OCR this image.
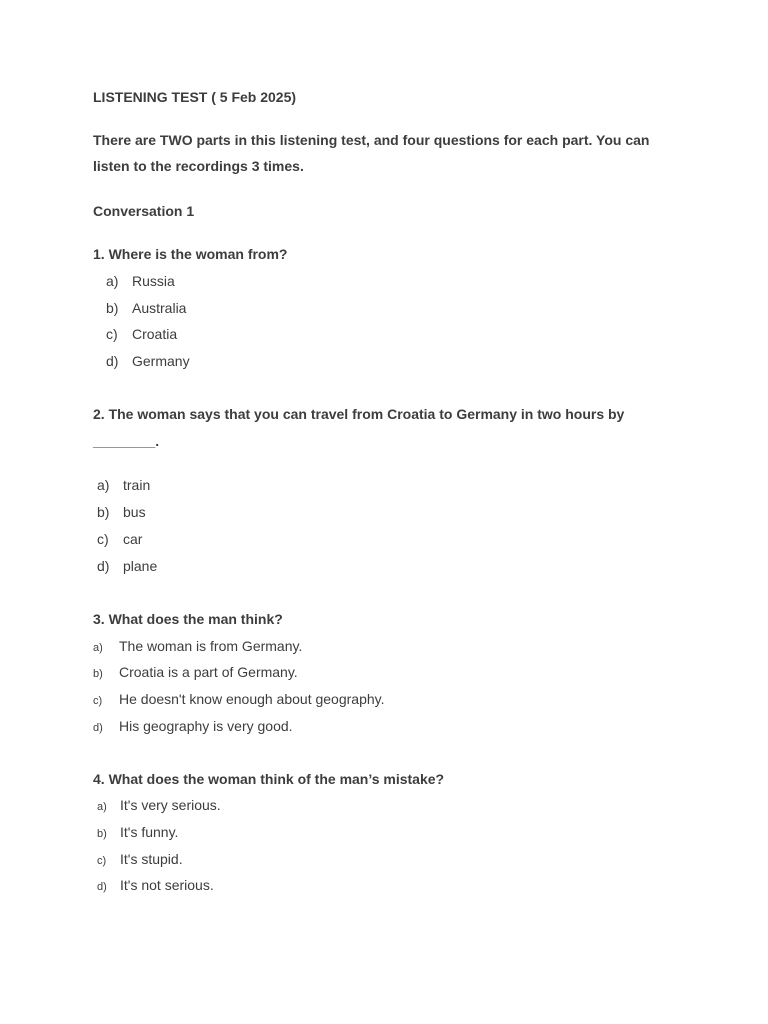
LISTENING TEST ( 5 Feb 2025)
There are TWO parts in this listening test, and four questions for each part. You can
listen to the recordings 3 times.
Conversation 1
1. Where is the woman from?
a) Russia
b) Australia
c) Croatia
d) Germany
2. The woman says that you can travel from Croatia to Germany in two hours by
________.
a) train
b) bus
c) car
d) plane
3. What does the man think?
a) The woman is from Germany.
b) Croatia is a part of Germany.
c) He doesn't know enough about geography.
d) His geography is very good.
4. What does the woman think of the man’s mistake?
a) It's very serious.
b) It's funny.
c) It's stupid.
d) It's not serious.
